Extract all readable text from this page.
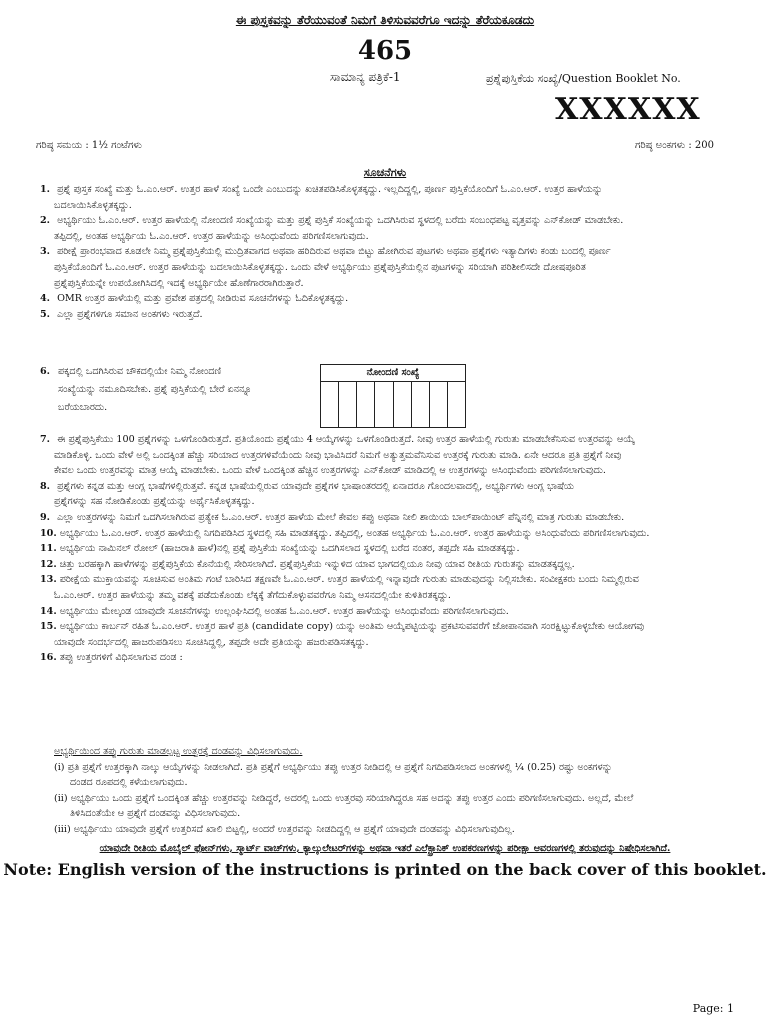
ಈ ಪುಸ್ತಕವನ್ನು ತೆರೆಯುವಂತೆ ನಿಮಗೆ ತಿಳಿಸುವವರೆಗೂ ಇದನ್ನು ತೆರೆಯಕೂಡದು
465
ಸಾಮಾನ್ಯ ಪತ್ರಿಕೆ-1	ಪ್ರಶ್ನೆಪುಸ್ತಿಕೆಯ ಸಂಖ್ಯೆ/Question Booklet No.
XXXXXX
ಗರಿಷ್ಠ ಸಮಯ : 1½ ಗಂಟೆಗಳು	ಗರಿಷ್ಠ ಅಂಕಗಳು : 200
ಸೂಚನೆಗಳು
1. ಪ್ರಶ್ನೆ ಪುಸ್ತಕ ಸಂಖ್ಯೆ ಮತ್ತು ಓ.ಎಂ.ಆರ್. ಉತ್ತರ ಹಾಳೆ ಸಂಖ್ಯೆ ಒಂದೇ ಎಂಬುದನ್ನು ಖಚಿತಪಡಿಸಿಕೊಳ್ಳತಕ್ಕದ್ದು. ಇಲ್ಲದಿದ್ದಲ್ಲಿ, ಪೂರ್ಣ ಪುಸ್ತಿಕೆಯೊಂದಿಗೆ ಓ.ಎಂ.ಆರ್. ಉತ್ತರ ಹಾಳೆಯನ್ನು
ಬದಲಾಯಿಸಿಕೊಳ್ಳತಕ್ಕದ್ದು.
2. ಅಭ್ಯರ್ಥಿಯು ಓ.ಎಂ.ಆರ್. ಉತ್ತರ ಹಾಳೆಯಲ್ಲಿ ನೋಂದಣಿ ಸಂಖ್ಯೆಯನ್ನು ಮತ್ತು ಪ್ರಶ್ನೆ ಪುಸ್ತಿಕೆ ಸಂಖ್ಯೆಯನ್ನು ಒದಗಿಸಿರುವ ಸ್ಥಳದಲ್ಲಿ ಬರೆದು ಸಂಬಂಧಪಟ್ಟ ವೃತ್ತವನ್ನು ಎನ್‌ಕೋಡ್ ಮಾಡಬೇಕು.
ತಪ್ಪಿದಲ್ಲಿ, ಅಂತಹ ಅಭ್ಯರ್ಥಿಯ ಓ.ಎಂ.ಆರ್. ಉತ್ತರ ಹಾಳೆಯನ್ನು ಅಸಿಂಧುವೆಂದು ಪರಿಗಣಿಸಲಾಗುವುದು.
3. ಪರೀಕ್ಷೆ ಪ್ರಾರಂಭವಾದ ಕೂಡಲೇ ನಿಮ್ಮ ಪ್ರಶ್ನೆಪುಸ್ತಿಕೆಯಲ್ಲಿ ಮುದ್ರಿತವಾಗದ ಅಥವಾ ಹರಿದಿರುವ ಅಥವಾ ಬಿಟ್ಟು ಹೋಗಿರುವ ಪುಟಗಳು ಅಥವಾ ಪ್ರಶ್ನೆಗಳು ಇತ್ಯಾದಿಗಳು ಕಂಡು ಬಂದಲ್ಲಿ ಪೂರ್ಣ
ಪುಸ್ತಿಕೆಯೊಂದಿಗೆ ಓ.ಎಂ.ಆರ್. ಉತ್ತರ ಹಾಳೆಯನ್ನು ಬದಲಾಯಿಸಿಕೊಳ್ಳತಕ್ಕದ್ದು. ಒಂದು ವೇಳೆ ಅಭ್ಯರ್ಥಿಯು ಪ್ರಶ್ನೆಪುಸ್ತಿಕೆಯಲ್ಲಿನ ಪುಟಗಳನ್ನು ಸರಿಯಾಗಿ ಪರಿಶೀಲಿಸದೇ ದೋಷಪೂರಿತ
ಪ್ರಶ್ನೆಪುಸ್ತಿಕೆಯನ್ನೇ ಉಪಯೋಗಿಸಿದಲ್ಲಿ ಇದಕ್ಕೆ ಅಭ್ಯರ್ಥಿಯೇ ಹೊಣೆಗಾರರಾಗಿರುತ್ತಾರೆ.
4. OMR ಉತ್ತರ ಹಾಳೆಯಲ್ಲಿ ಮತ್ತು ಪ್ರವೇಶ ಪತ್ರದಲ್ಲಿ ನೀಡಿರುವ ಸೂಚನೆಗಳನ್ನು ಓದಿಕೊಳ್ಳತಕ್ಕದ್ದು.
5. ಎಲ್ಲಾ ಪ್ರಶ್ನೆಗಳಿಗೂ ಸಮಾನ ಅಂಕಗಳು ಇರುತ್ತದೆ.
6. ಪಕ್ಕದಲ್ಲಿ ಒದಗಿಸಿರುವ ಚೌಕದಲ್ಲಿಯೇ ನಿಮ್ಮ ನೋಂದಣಿ
ಸಂಖ್ಯೆಯನ್ನು ನಮೂದಿಸಬೇಕು. ಪ್ರಶ್ನೆ ಪುಸ್ತಿಕೆಯಲ್ಲಿ ಬೇರೆ ಏನನ್ನೂ
ಬರೆಯಬಾರದು.
ನೋಂದಣಿ ಸಂಖ್ಯೆ
7. ಈ ಪ್ರಶ್ನೆಪುಸ್ತಿಕೆಯು 100 ಪ್ರಶ್ನೆಗಳನ್ನು ಒಳಗೊಂಡಿರುತ್ತದೆ. ಪ್ರತಿಯೊಂದು ಪ್ರಶ್ನೆಯು 4 ಆಯ್ಕೆಗಳನ್ನು ಒಳಗೊಂಡಿರುತ್ತದೆ. ನೀವು ಉತ್ತರ ಹಾಳೆಯಲ್ಲಿ ಗುರುತು ಮಾಡಬೇಕೆನಿಸುವ ಉತ್ತರವನ್ನು ಆಯ್ಕೆ
ಮಾಡಿಕೊಳ್ಳಿ. ಒಂದು ವೇಳೆ ಅಲ್ಲಿ ಒಂದಕ್ಕಿಂತ ಹೆಚ್ಚು ಸರಿಯಾದ ಉತ್ತರಗಳಿವೆಯೆಂದು ನೀವು ಭಾವಿಸಿದರೆ ನಿಮಗೆ ಅತ್ಯುತ್ತಮವೆನಿಸುವ ಉತ್ತರಕ್ಕೆ ಗುರುತು ಮಾಡಿ. ಏನೇ ಆದರೂ ಪ್ರತಿ ಪ್ರಶ್ನೆಗೆ ನೀವು
ಕೇವಲ ಒಂದು ಉತ್ತರವನ್ನು ಮಾತ್ರ ಆಯ್ಕೆ ಮಾಡಬೇಕು. ಒಂದು ವೇಳೆ ಒಂದಕ್ಕಿಂತ ಹೆಚ್ಚಿನ ಉತ್ತರಗಳನ್ನು ಎನ್‌ಕೋಡ್ ಮಾಡಿದಲ್ಲಿ ಆ ಉತ್ತರಗಳನ್ನು ಅಸಿಂಧುವೆಂದು ಪರಿಗಣಿಸಲಾಗುವುದು.
8. ಪ್ರಶ್ನೆಗಳು ಕನ್ನಡ ಮತ್ತು ಆಂಗ್ಲ ಭಾಷೆಗಳಲ್ಲಿರುತ್ತವೆ. ಕನ್ನಡ ಭಾಷೆಯಲ್ಲಿರುವ ಯಾವುದೇ ಪ್ರಶ್ನೆಗಳ ಭಾಷಾಂತರದಲ್ಲಿ ಏನಾದರೂ ಗೊಂದಲವಾದಲ್ಲಿ, ಅಭ್ಯರ್ಥಿಗಳು ಆಂಗ್ಲ ಭಾಷೆಯ
ಪ್ರಶ್ನೆಗಳನ್ನು ಸಹ ನೋಡಿಕೊಂಡು ಪ್ರಶ್ನೆಯನ್ನು ಅರ್ಥೈಸಿಕೊಳ್ಳತಕ್ಕದ್ದು.
9. ಎಲ್ಲಾ ಉತ್ತರಗಳನ್ನು ನಿಮಗೆ ಒದಗಿಸಲಾಗಿರುವ ಪ್ರತ್ಯೇಕ ಓ.ಎಂ.ಆರ್. ಉತ್ತರ ಹಾಳೆಯ ಮೇಲೆ ಕೇವಲ ಕಪ್ಪು ಅಥವಾ ನೀಲಿ ಶಾಯಿಯ ಬಾಲ್‌ಪಾಯಿಂಟ್ ಪೆನ್ನಿನಲ್ಲಿ ಮಾತ್ರ ಗುರುತು ಮಾಡಬೇಕು.
10. ಅಭ್ಯರ್ಥಿಯು ಓ.ಎಂ.ಆರ್. ಉತ್ತರ ಹಾಳೆಯಲ್ಲಿ ನಿಗದಿಪಡಿಸಿದ ಸ್ಥಳದಲ್ಲಿ ಸಹಿ ಮಾಡತಕ್ಕದ್ದು. ತಪ್ಪಿದಲ್ಲಿ, ಅಂತಹ ಅಭ್ಯರ್ಥಿಯ ಓ.ಎಂ.ಆರ್. ಉತ್ತರ ಹಾಳೆಯನ್ನು ಅಸಿಂಧುವೆಂದು ಪರಿಗಣಿಸಲಾಗುವುದು.
11. ಅಭ್ಯರ್ಥಿಯ ನಾಮಿನಲ್ ರೋಲ್ (ಹಾಜರಾತಿ ಹಾಳೆ)ನಲ್ಲಿ ಪ್ರಶ್ನೆ ಪುಸ್ತಿಕೆಯ ಸಂಖ್ಯೆಯನ್ನು ಒದಗಿಸಲಾದ ಸ್ಥಳದಲ್ಲಿ ಬರೆದ ನಂತರ, ತಪ್ಪದೇ ಸಹಿ ಮಾಡತಕ್ಕದ್ದು.
12. ಚಿತ್ತು ಬರಹಕ್ಕಾಗಿ ಹಾಳೆಗಳನ್ನು ಪ್ರಶ್ನೆಪುಸ್ತಿಕೆಯ ಕೊನೆಯಲ್ಲಿ ಸೇರಿಸಲಾಗಿದೆ. ಪ್ರಶ್ನೆಪುಸ್ತಿಕೆಯ ಇನ್ನುಳಿದ ಯಾವ ಭಾಗದಲ್ಲಿಯೂ ನೀವು ಯಾವ ರೀತಿಯ ಗುರುತನ್ನು ಮಾಡತಕ್ಕದ್ದಲ್ಲ.
13. ಪರೀಕ್ಷೆಯ ಮುಕ್ತಾಯವನ್ನು ಸೂಚಿಸುವ ಅಂತಿಮ ಗಂಟೆ ಬಾರಿಸಿದ ತಕ್ಷಣವೇ ಓ.ಎಂ.ಆರ್. ಉತ್ತರ ಹಾಳೆಯಲ್ಲಿ ಇನ್ನಾವುದೇ ಗುರುತು ಮಾಡುವುದನ್ನು ನಿಲ್ಲಿಸಬೇಕು. ಸಂವೀಕ್ಷಕರು ಬಂದು ನಿಮ್ಮಲ್ಲಿರುವ
ಓ.ಎಂ.ಆರ್. ಉತ್ತರ ಹಾಳೆಯನ್ನು ತಮ್ಮ ವಶಕ್ಕೆ ಪಡೆದುಕೊಂಡು ಲೆಕ್ಕಕ್ಕೆ ತೆಗೆದುಕೊಳ್ಳುವವರೆಗೂ ನಿಮ್ಮ ಆಸನದಲ್ಲಿಯೇ ಕುಳಿತಿರತಕ್ಕದ್ದು.
14. ಅಭ್ಯರ್ಥಿಯು ಮೇಲ್ಕಂಡ ಯಾವುದೇ ಸೂಚನೆಗಳನ್ನು ಉಲ್ಲಂಘಿಸಿದಲ್ಲಿ ಅಂತಹ ಓ.ಎಂ.ಆರ್. ಉತ್ತರ ಹಾಳೆಯನ್ನು ಅಸಿಂಧುವೆಂದು ಪರಿಗಣಿಸಲಾಗುವುದು.
15. ಅಭ್ಯರ್ಥಿಯು ಕಾರ್ಬನ್ ರಹಿತ ಓ.ಎಂ.ಆರ್. ಉತ್ತರ ಹಾಳೆ ಪ್ರತಿ (candidate copy) ಯನ್ನು ಅಂತಿಮ ಆಯ್ಕೆಪಟ್ಟಿಯನ್ನು ಪ್ರಕಟಿಸುವವರೆಗೆ ಜೋಪಾನವಾಗಿ ಸಂರಕ್ಷಿಟ್ಟುಕೊಳ್ಳಬೇಕು ಆಯೋಗವು
ಯಾವುದೇ ಸಂದರ್ಭದಲ್ಲಿ ಹಾಜರುಪಡಿಸಲು ಸೂಚಿಸಿದ್ದಲ್ಲಿ, ತಪ್ಪದೇ ಅದೇ ಪ್ರತಿಯನ್ನು ಹಜರುಪಡಿಸತಕ್ಕದ್ದು.
16. ತಪ್ಪು ಉತ್ತರಗಳಿಗೆ ವಿಧಿಸಲಾಗುವ ದಂಡ :
ಅಭ್ಯರ್ಥಿಯಿಂದ ತಪ್ಪು ಗುರುತು ಮಾಡಲ್ಪಟ್ಟ ಉತ್ತರಕ್ಕೆ ದಂಡವನ್ನು ವಿಧಿಸಲಾಗುವುದು.
(i) ಪ್ರತಿ ಪ್ರಶ್ನೆಗೆ ಉತ್ತರಕ್ಕಾಗಿ ನಾಲ್ಕು ಆಯ್ಕೆಗಳನ್ನು ನೀಡಲಾಗಿದೆ. ಪ್ರತಿ ಪ್ರಶ್ನೆಗೆ ಅಭ್ಯರ್ಥಿಯು ತಪ್ಪು ಉತ್ತರ ನೀಡಿದಲ್ಲಿ ಆ ಪ್ರಶ್ನೆಗೆ ನಿಗದಿಪಡಿಸಲಾದ ಅಂಕಗಳಲ್ಲಿ ¼ (0.25) ರಷ್ಟು ಅಂಕಗಳನ್ನು
ದಂಡದ ರೂಪದಲ್ಲಿ ಕಳೆಯಲಾಗುವುದು.
(ii) ಅಭ್ಯರ್ಥಿಯು ಒಂದು ಪ್ರಶ್ನೆಗೆ ಒಂದಕ್ಕಿಂತ ಹೆಚ್ಚು ಉತ್ತರವನ್ನು ನೀಡಿದ್ದರೆ, ಅದರಲ್ಲಿ ಒಂದು ಉತ್ತರವು ಸರಿಯಾಗಿದ್ದರೂ ಸಹ ಅದನ್ನು ತಪ್ಪು ಉತ್ತರ ಎಂದು ಪರಿಗಣಿಸಲಾಗುವುದು. ಅಲ್ಲದೆ, ಮೇಲೆ
ತಿಳಿಸಿದಂತೆಯೇ ಆ ಪ್ರಶ್ನೆಗೆ ದಂಡವನ್ನು ವಿಧಿಸಲಾಗುವುದು.
(iii) ಅಭ್ಯರ್ಥಿಯು ಯಾವುದೇ ಪ್ರಶ್ನೆಗೆ ಉತ್ತರಿಸದೆ ಖಾಲಿ ಬಿಟ್ಟಲ್ಲಿ, ಅಂದರೆ ಉತ್ತರವನ್ನು ನೀಡದಿದ್ದಲ್ಲಿ ಆ ಪ್ರಶ್ನೆಗೆ ಯಾವುದೇ ದಂಡವನ್ನು ವಿಧಿಸಲಾಗುವುದಿಲ್ಲ.
ಯಾವುದೇ ರೀತಿಯ ಮೊಬೈಲ್ ಫೋನ್‌ಗಳು, ಸ್ಮಾರ್ಟ್ ವಾಚ್‌ಗಳು, ಕ್ಯಾಲ್ಕುಲೇಟರ್‌ಗಳನ್ನು ಅಥವಾ ಇತರೆ ಎಲೆಕ್ಟ್ರಾನಿಕ್ ಉಪಕರಣಗಳನ್ನು ಪರೀಕ್ಷಾ ಆವರಣಗಳಲ್ಲಿ ತರುವುದನ್ನು ನಿಷೇಧಿಸಲಾಗಿದೆ.
Note: English version of the instructions is printed on the back cover of this booklet.
Page: 1
